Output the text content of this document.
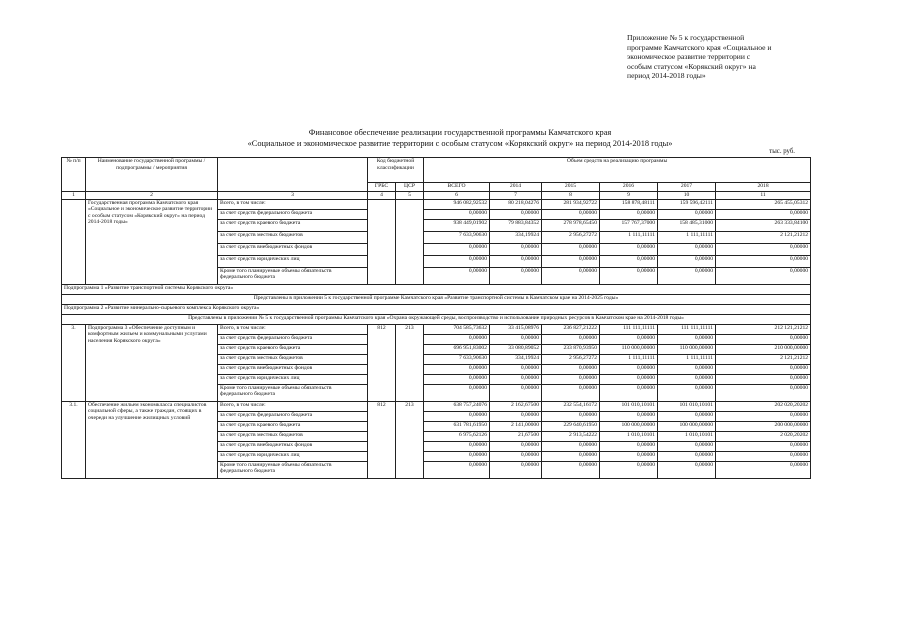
Приложение № 5 к государственной
программе Камчатского края «Социальное и
экономическое развитие территории с
особым статусом «Корякский округ» на
период 2014-2018 годы»
Финансовое обеспечение реализации государственной программы Камчатского края
«Социальное и экономическое развитие территории с особым статусом «Корякский округ» на период 2014-2018 годы»
тыс. руб.
№ п/п	Наименование государственной программы / подпрограммы / мероприятия		Код бюджетной классификации		Объем средств на реализацию программы					
			ГРБС	ЦСР	ВСЕГО	2014	2015	2016	2017	2018
1	2	3	4	5	6	7	8	9	10	11
	Государственная программа Камчатского края «Социальное и экономическое развитие территории с особым статусом «Корякский округ» на период 2014-2018 годы»	Всего, в том числе:			946 082,92532	80 218,04276	281 934,92722	158 878,48111	159 596,42111	265 455,05312
		за счет средств федерального бюджета			0,00000	0,00000	0,00000	0,00000	0,00000	0,00000
		за счет средств краевого бюджета			938 449,01902	79 883,84352	278 978,65450	157 767,37000	158 485,31000	263 333,84100
		за счет средств местных бюджетов			7 633,90630	334,19924	2 956,27272	1 111,11111	1 111,11111	2 121,21212
		за счет средств внебюджетных фондов			0,00000	0,00000	0,00000	0,00000	0,00000	0,00000
		за счет средств юридических лиц			0,00000	0,00000	0,00000	0,00000	0,00000	0,00000
		Кроме того планируемые объемы обязательств федерального бюджета			0,00000	0,00000	0,00000	0,00000	0,00000	0,00000
Подпрограмма 1 «Развитие транспортной системы Корякского округа»										
Представлены в приложении 5 к государственной программе Камчатского края «Развитие транспортной системы в Камчатском крае на 2014-2025 годы»										
Подпрограмма 2 «Развитие минерально-сырьевого комплекса Корякского округа»										
Представлены в приложении № 5 к государственной программы Камчатского края «Охрана окружающей среды, воспроизводство и использование природных ресурсов в Камчатском крае на 2014-2018 годы»										
3.	Подпрограмма 3 «Обеспечение доступным и комфортным жильем и коммунальными услугами населения Корякского округа»	Всего, в том числе:	812	213	704 585,73632	33 415,08976	236 827,21222	111 111,11111	111 111,11111	212 121,21212
		за счет средств федерального бюджета			0,00000	0,00000	0,00000	0,00000	0,00000	0,00000
		за счет средств краевого бюджета			696 951,83002	33 080,89052	233 870,93950	110 000,00000	110 000,00000	210 000,00000
		за счет средств местных бюджетов			7 633,90630	334,19924	2 956,27272	1 111,11111	1 111,11111	2 121,21212
		за счет средств внебюджетных фондов			0,00000	0,00000	0,00000	0,00000	0,00000	0,00000
		за счет средств юридических лиц			0,00000	0,00000	0,00000	0,00000	0,00000	0,00000
		Кроме того планируемые объемы обязательств федерального бюджета			0,00000	0,00000	0,00000	0,00000	0,00000	0,00000
3.1.	Обеспечение жильем экономкласса специалистов социальной сферы, а также граждан, стоящих в очереди на улучшение жилищных условий	Всего, в том числе:	812	213	638 757,24076	2 162,67500	232 554,16172	101 010,10101	101 010,10101	202 020,20202
		за счет средств федерального бюджета			0,00000	0,00000	0,00000	0,00000	0,00000	0,00000
		за счет средств краевого бюджета			631 781,61950	2 141,00000	229 640,61950	100 000,00000	100 000,00000	200 000,00000
		за счет средств местных бюджетов			6 975,62126	21,67500	2 913,54222	1 010,10101	1 010,10101	2 020,20202
		за счет средств внебюджетных фондов			0,00000	0,00000	0,00000	0,00000	0,00000	0,00000
		за счет средств юридических лиц			0,00000	0,00000	0,00000	0,00000	0,00000	0,00000
		Кроме того планируемые объемы обязательств федерального бюджета			0,00000	0,00000	0,00000	0,00000	0,00000	0,00000
